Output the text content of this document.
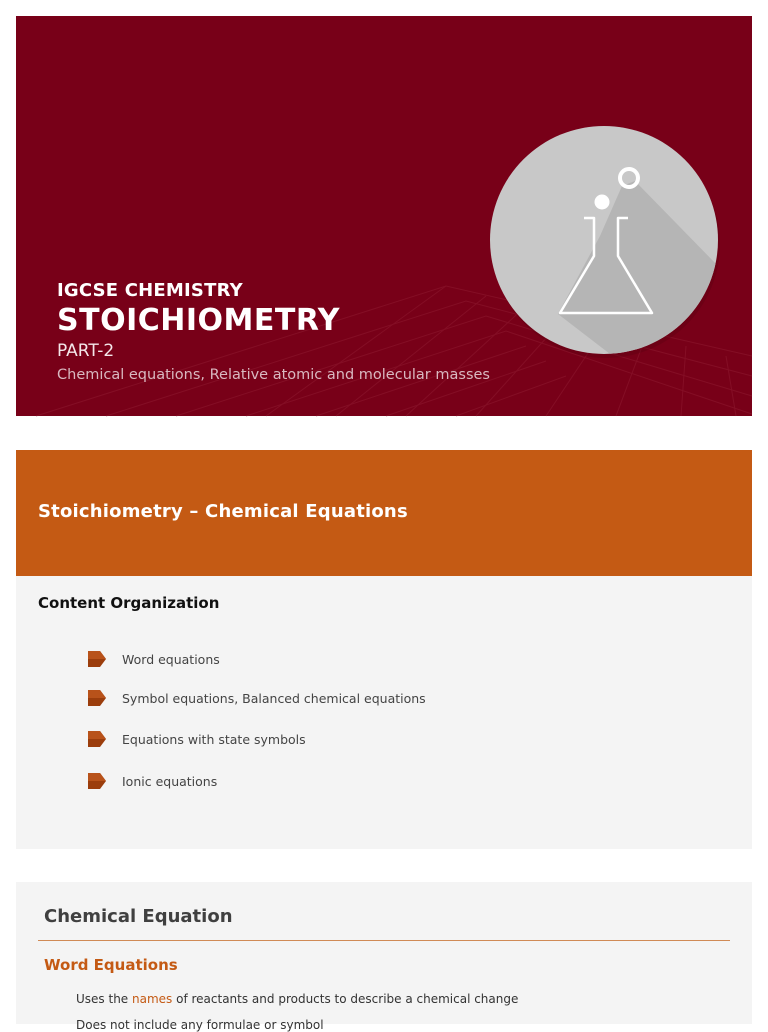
IGCSE CHEMISTRY
STOICHIOMETRY
PART-2
Chemical equations, Relative atomic and molecular masses
Stoichiometry – Chemical Equations
Content Organization
Word equations
Symbol equations, Balanced chemical equations
Equations with state symbols
Ionic equations
Chemical Equation
Word Equations
Uses the names of reactants and products to describe a chemical change
Does not include any formulae or symbol
